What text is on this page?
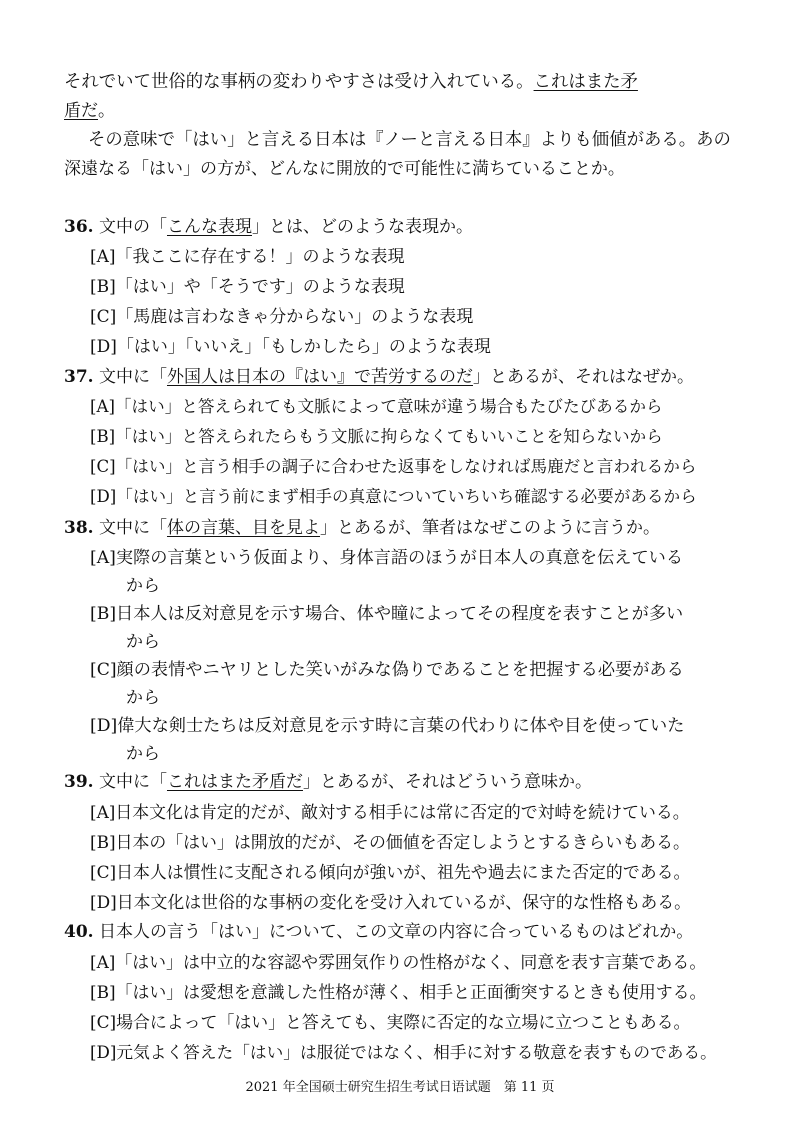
それでいて世俗的な事柄の変わりやすさは受け入れている。これはまた矛
盾だ。
その意味で「はい」と言える日本は『ノーと言える日本』よりも価値がある。あの
深遠なる「はい」の方が、どんなに開放的で可能性に満ちていることか。
36. 文中の「こんな表現」とは、どのような表現か。
[A]「我ここに存在する！」のような表現
[B]「はい」や「そうです」のような表現
[C]「馬鹿は言わなきゃ分からない」のような表現
[D]「はい」「いいえ」「もしかしたら」のような表現
37. 文中に「外国人は日本の『はい』で苦労するのだ」とあるが、それはなぜか。
[A]「はい」と答えられても文脈によって意味が違う場合もたびたびあるから
[B]「はい」と答えられたらもう文脈に拘らなくてもいいことを知らないから
[C]「はい」と言う相手の調子に合わせた返事をしなければ馬鹿だと言われるから
[D]「はい」と言う前にまず相手の真意についていちいち確認する必要があるから
38. 文中に「体の言葉、目を見よ」とあるが、筆者はなぜこのように言うか。
[A]実際の言葉という仮面より、身体言語のほうが日本人の真意を伝えている
から
[B]日本人は反対意見を示す場合、体や瞳によってその程度を表すことが多い
から
[C]顔の表情やニヤリとした笑いがみな偽りであることを把握する必要がある
から
[D]偉大な剣士たちは反対意見を示す時に言葉の代わりに体や目を使っていた
から
39. 文中に「これはまた矛盾だ」とあるが、それはどういう意味か。
[A]日本文化は肯定的だが、敵対する相手には常に否定的で対峙を続けている。
[B]日本の「はい」は開放的だが、その価値を否定しようとするきらいもある。
[C]日本人は慣性に支配される傾向が強いが、祖先や過去にまた否定的である。
[D]日本文化は世俗的な事柄の変化を受け入れているが、保守的な性格もある。
40. 日本人の言う「はい」について、この文章の内容に合っているものはどれか。
[A]「はい」は中立的な容認や雰囲気作りの性格がなく、同意を表す言葉である。
[B]「はい」は愛想を意識した性格が薄く、相手と正面衝突するときも使用する。
[C]場合によって「はい」と答えても、実際に否定的な立場に立つこともある。
[D]元気よく答えた「はい」は服従ではなく、相手に対する敬意を表すものである。
2021 年全国硕士研究生招生考试日语试题　第 11 页
